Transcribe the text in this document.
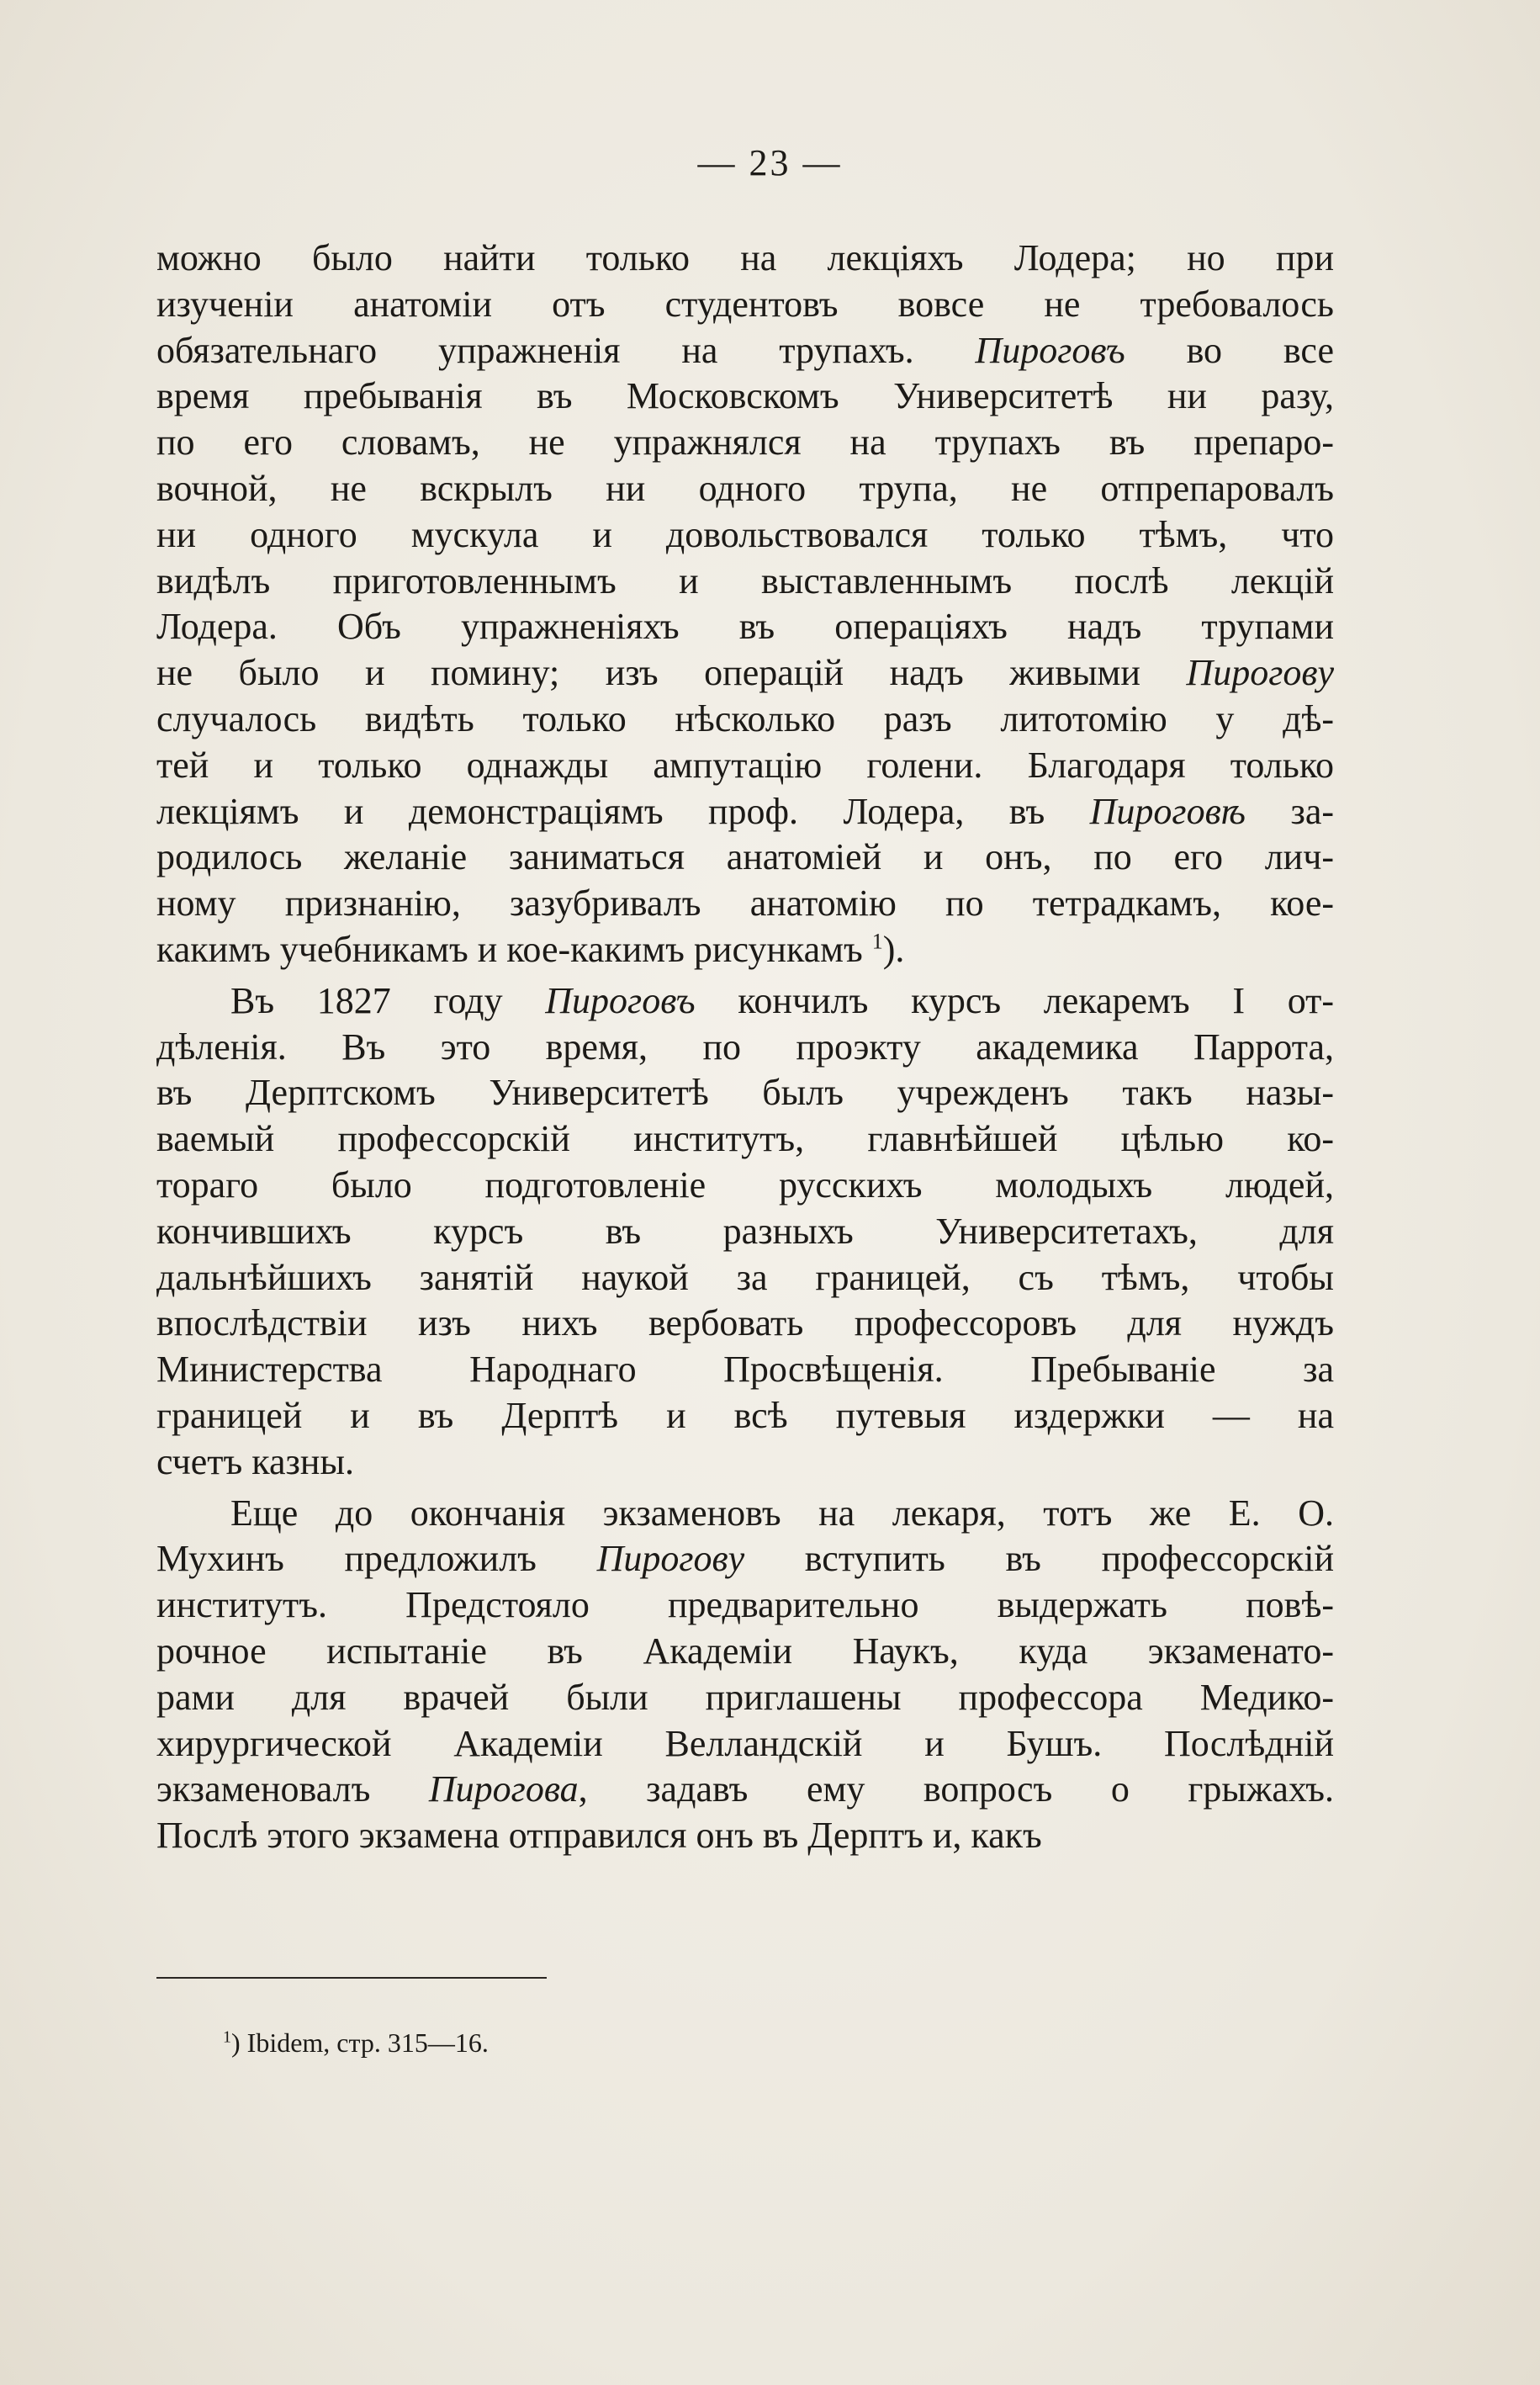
— 23 —
можно было найти только на лекціяхъ Лодера; но при
изученіи анатоміи отъ студентовъ вовсе не требовалось
обязательнаго упражненія на трупахъ. Пироговъ во все
время пребыванія въ Московскомъ Университетѣ ни разу,
по его словамъ, не упражнялся на трупахъ въ препаро-
вочной, не вскрылъ ни одного трупа, не отпрепаровалъ
ни одного мускула и довольствовался только тѣмъ, что
видѣлъ приготовленнымъ и выставленнымъ послѣ лекцій
Лодера. Объ упражненіяхъ въ операціяхъ надъ трупами
не было и помину; изъ операцій надъ живыми Пирогову
случалось видѣть только нѣсколько разъ литотомію у дѣ-
тей и только однажды ампутацію голени. Благодаря только
лекціямъ и демонстраціямъ проф. Лодера, въ Пироговѣ за-
родилось желаніе заниматься анатоміей и онъ, по его лич-
ному признанію, зазубривалъ анатомію по тетрадкамъ, кое-
какимъ учебникамъ и кое-какимъ рисункамъ $^1$).
Въ 1827 году Пироговъ кончилъ курсъ лекаремъ I от-
дѣленія. Въ это время, по проэкту академика Паррота,
въ Дерптскомъ Университетѣ былъ учрежденъ такъ назы-
ваемый профессорскій институтъ, главнѣйшей цѣлью ко-
тораго было подготовленіе русскихъ молодыхъ людей,
кончившихъ курсъ въ разныхъ Университетахъ, для
дальнѣйшихъ занятій наукой за границей, съ тѣмъ, чтобы
впослѣдствіи изъ нихъ вербовать профессоровъ для нуждъ
Министерства Народнаго Просвѣщенія. Пребываніе за
границей и въ Дерптѣ и всѣ путевыя издержки — на
счетъ казны.
Еще до окончанія экзаменовъ на лекаря, тотъ же Е. О.
Мухинъ предложилъ Пирогову вступить въ профессорскій
институтъ. Предстояло предварительно выдержать повѣ-
рочное испытаніе въ Академіи Наукъ, куда экзаменато-
рами для врачей были приглашены профессора Медико-
хирургической Академіи Велландскій и Бушъ. Послѣдній
экзаменовалъ Пирогова, задавъ ему вопросъ о грыжахъ.
Послѣ этого экзамена отправился онъ въ Дерптъ и, какъ
$^1$) Ibidem, стр. 315—16.
